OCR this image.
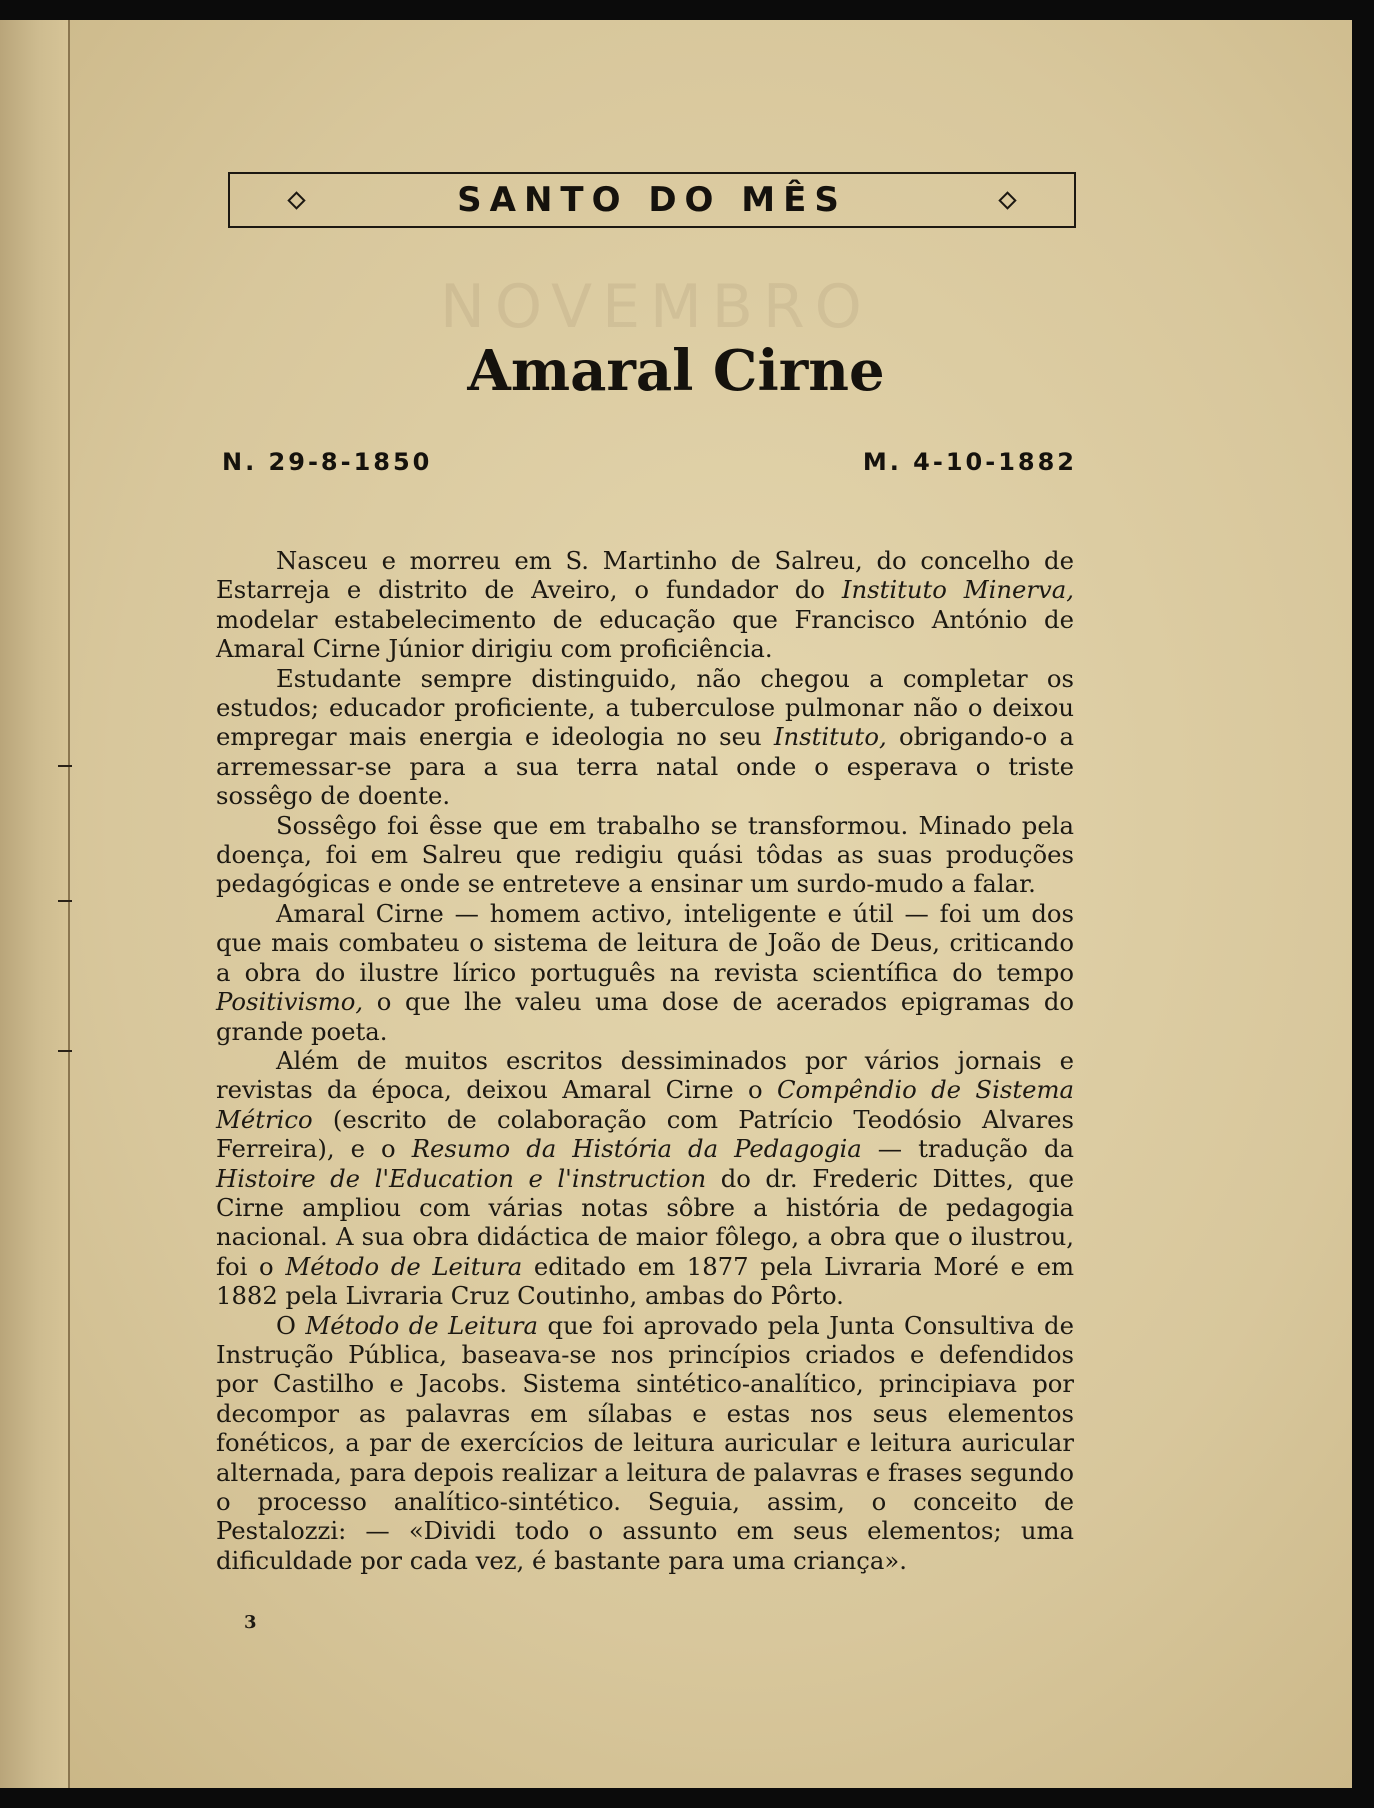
SANTO DO MÊS
NOVEMBRO
Amaral Cirne
N. 29-8-1850	M. 4-10-1882

Nasceu e morreu em S. Martinho de Salreu, do concelho de Estarreja e distrito de Aveiro, o fundador do Instituto Minerva, modelar estabelecimento de educação que Francisco António de Amaral Cirne Júnior dirigiu com proficiência.

Estudante sempre distinguido, não chegou a completar os estudos; educador proficiente, a tuberculose pulmonar não o deixou empregar mais energia e ideologia no seu Instituto, obrigando-o a arremessar-se para a sua terra natal onde o esperava o triste sossêgo de doente.

Sossêgo foi êsse que em trabalho se transformou. Minado pela doença, foi em Salreu que redigiu quási tôdas as suas produções pedagógicas e onde se entreteve a ensinar um surdo-mudo a falar.

Amaral Cirne — homem activo, inteligente e útil — foi um dos que mais combateu o sistema de leitura de João de Deus, criticando a obra do ilustre lírico português na revista scientífica do tempo Positivismo, o que lhe valeu uma dose de acerados epigramas do grande poeta.

Além de muitos escritos dessiminados por vários jornais e revistas da época, deixou Amaral Cirne o Compêndio de Sistema Métrico (escrito de colaboração com Patrício Teodósio Alvares Ferreira), e o Resumo da História da Pedagogia — tradução da Histoire de l'Education e l'instruction do dr. Frederic Dittes, que Cirne ampliou com várias notas sôbre a história de pedagogia nacional. A sua obra didáctica de maior fôlego, a obra que o ilustrou, foi o Método de Leitura editado em 1877 pela Livraria Moré e em 1882 pela Livraria Cruz Coutinho, ambas do Pôrto.

O Método de Leitura que foi aprovado pela Junta Consultiva de Instrução Pública, baseava-se nos princípios criados e defendidos por Castilho e Jacobs. Sistema sintético-analítico, principiava por decompor as palavras em sílabas e estas nos seus elementos fonéticos, a par de exercícios de leitura auricular e leitura auricular alternada, para depois realizar a leitura de palavras e frases segundo o processo analítico-sintético. Seguia, assim, o conceito de Pestalozzi: — «Dividi todo o assunto em seus elementos; uma dificuldade por cada vez, é bastante para uma criança».

3
